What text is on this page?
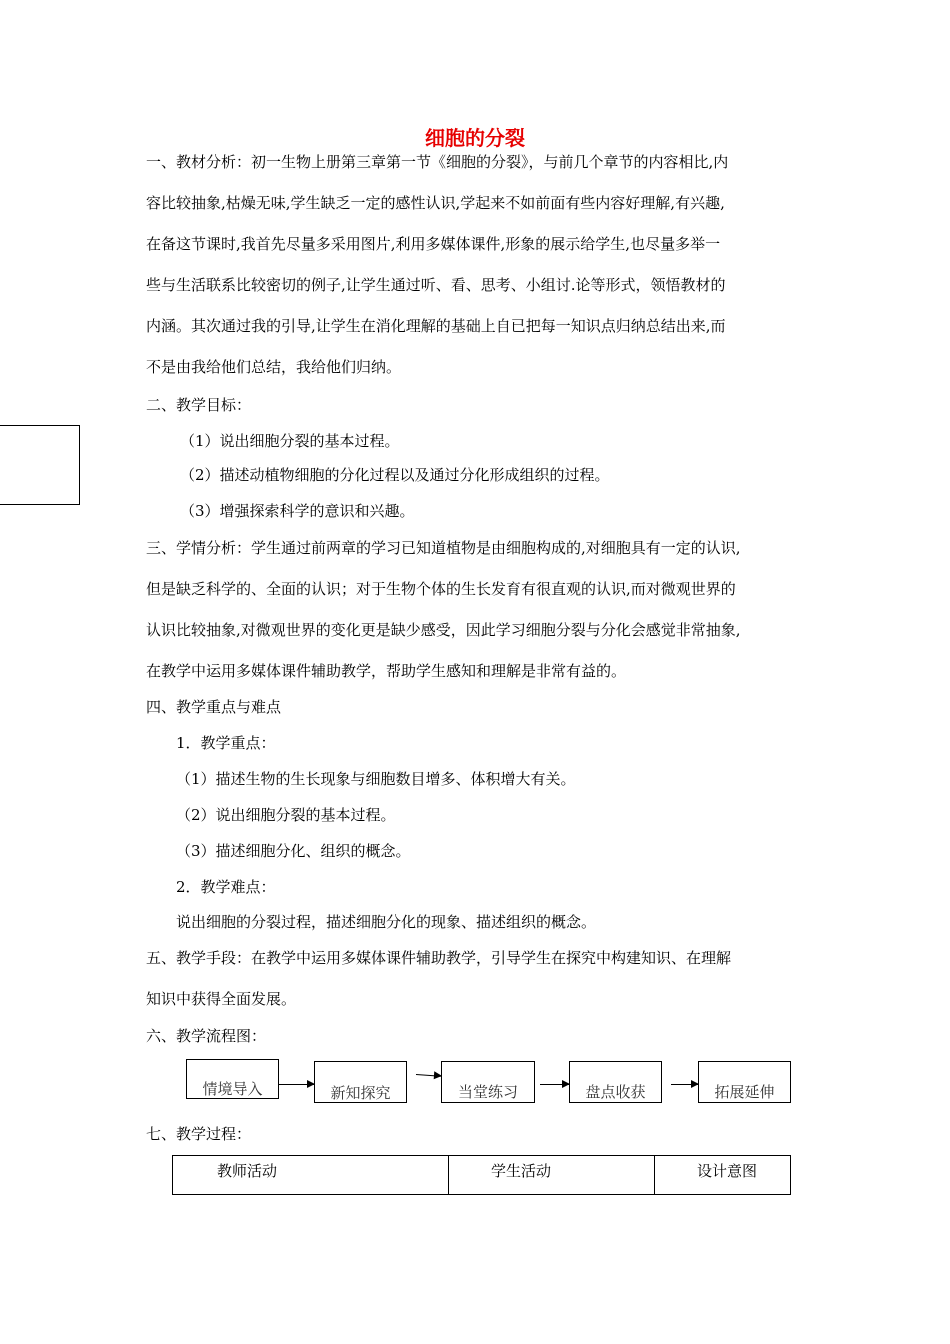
细胞的分裂
一、教材分析：初一生物上册第三章第一节《细胞的分裂》，与前几个章节的内容相比,内
容比较抽象,枯燥无味,学生缺乏一定的感性认识,学起来不如前面有些内容好理解,有兴趣,
在备这节课时,我首先尽量多采用图片,利用多媒体课件,形象的展示给学生,也尽量多举一
些与生活联系比较密切的例子,让学生通过听、看、思考、小组讨.论等形式，领悟教材的
内涵。其次通过我的引导,让学生在消化理解的基础上自已把每一知识点归纳总结出来,而
不是由我给他们总结，我给他们归纳。
二、教学目标：
（1）说出细胞分裂的基本过程。
（2）描述动植物细胞的分化过程以及通过分化形成组织的过程。
（3）增强探索科学的意识和兴趣。
三、学情分析：学生通过前两章的学习已知道植物是由细胞构成的,对细胞具有一定的认识,
但是缺乏科学的、全面的认识；对于生物个体的生长发育有很直观的认识,而对微观世界的
认识比较抽象,对微观世界的变化更是缺少感受，因此学习细胞分裂与分化会感觉非常抽象,
在教学中运用多媒体课件辅助教学，帮助学生感知和理解是非常有益的。
四、教学重点与难点
1．教学重点：
（1）描述生物的生长现象与细胞数目增多、体积增大有关。
（2）说出细胞分裂的基本过程。
（3）描述细胞分化、组织的概念。
2．教学难点：
说出细胞的分裂过程，描述细胞分化的现象、描述组织的概念。
五、教学手段：在教学中运用多媒体课件辅助教学，引导学生在探究中构建知识、在理解
知识中获得全面发展。
六、教学流程图：
情境导入	新知探究	当堂练习	盘点收获	拓展延伸
七、教学过程：
教师活动	学生活动	设计意图
